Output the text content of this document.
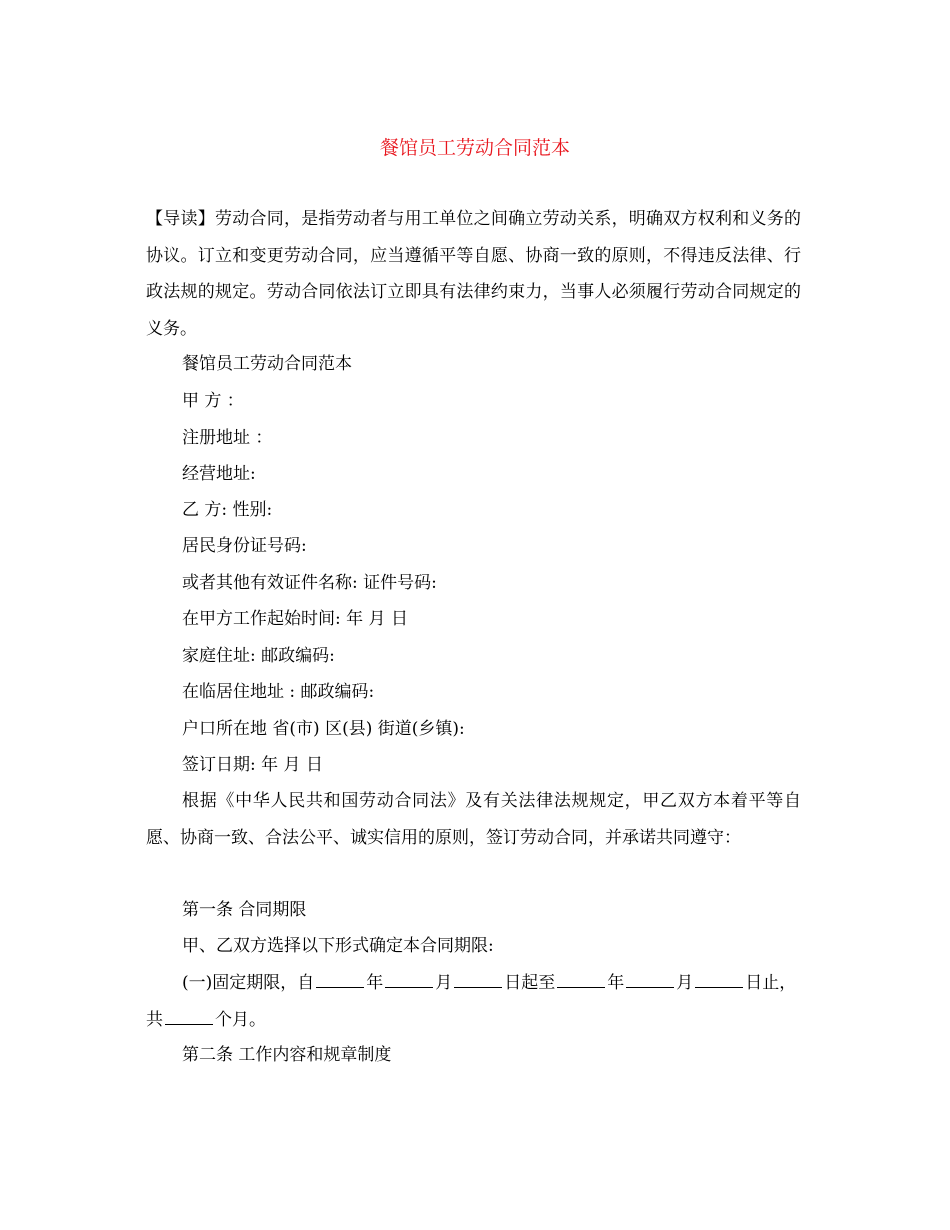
餐馆员工劳动合同范本

【导读】劳动合同，是指劳动者与用工单位之间确立劳动关系，明确双方权利和义务的协议。订立和变更劳动合同，应当遵循平等自愿、协商一致的原则，不得违反法律、行政法规的规定。劳动合同依法订立即具有法律约束力，当事人必须履行劳动合同规定的义务。

餐馆员工劳动合同范本
甲 方 ：
注册地址 ：
经营地址:
乙 方: 性别:
居民身份证号码:
或者其他有效证件名称: 证件号码:
在甲方工作起始时间: 年 月 日
家庭住址: 邮政编码:
在临居住地址 : 邮政编码:
户口所在地 省(市) 区(县) 街道(乡镇):
签订日期: 年 月 日

根据《中华人民共和国劳动合同法》及有关法律法规规定，甲乙双方本着平等自愿、协商一致、合法公平、诚实信用的原则，签订劳动合同，并承诺共同遵守：

第一条 合同期限
甲、乙双方选择以下形式确定本合同期限:
(一)固定期限，自	年	月	日起至	年	月	日止，
共	个月。
第二条 工作内容和规章制度
